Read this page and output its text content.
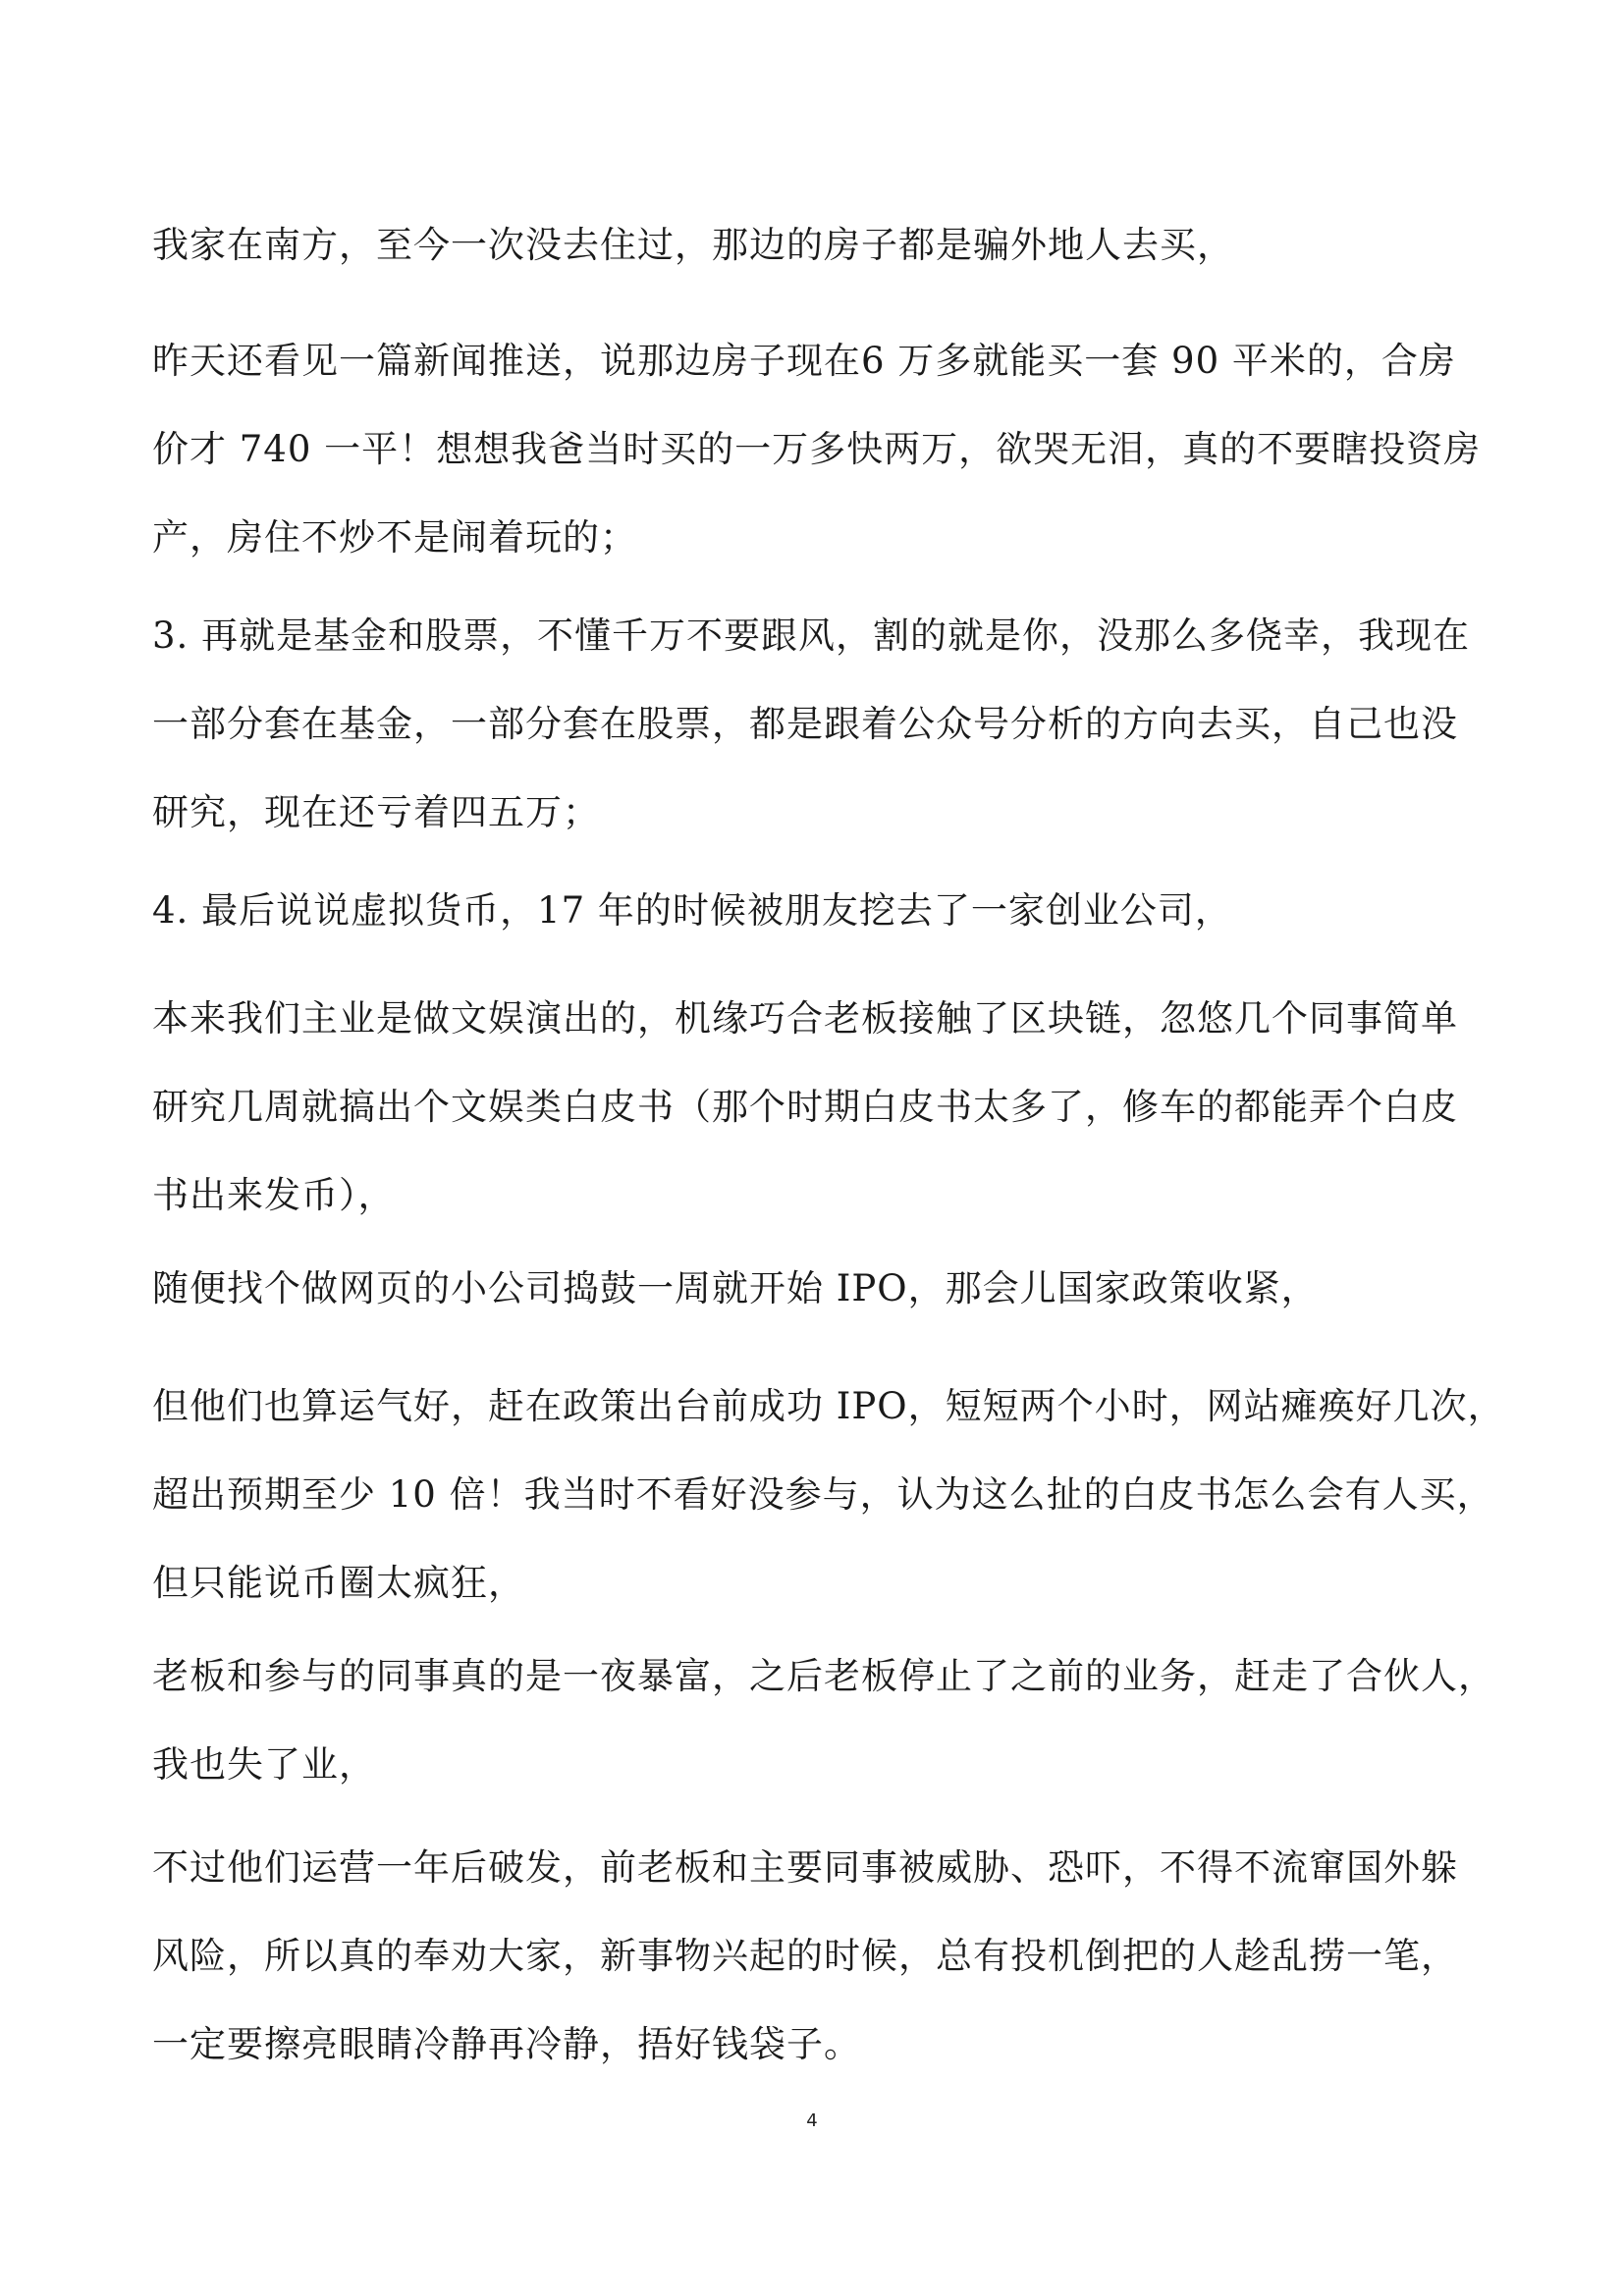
我家在南方，至今一次没去住过，那边的房子都是骗外地人去买，

昨天还看见一篇新闻推送，说那边房子现在6 万多就能买一套 90 平米的，合房
价才 740 一平！想想我爸当时买的一万多快两万，欲哭无泪，真的不要瞎投资房
产，房住不炒不是闹着玩的；

3. 再就是基金和股票，不懂千万不要跟风，割的就是你，没那么多侥幸，我现在
一部分套在基金，一部分套在股票，都是跟着公众号分析的方向去买，自己也没
研究，现在还亏着四五万；

4. 最后说说虚拟货币，17 年的时候被朋友挖去了一家创业公司，

本来我们主业是做文娱演出的，机缘巧合老板接触了区块链，忽悠几个同事简单
研究几周就搞出个文娱类白皮书（那个时期白皮书太多了，修车的都能弄个白皮
书出来发币），

随便找个做网页的小公司捣鼓一周就开始 IPO，那会儿国家政策收紧，

但他们也算运气好，赶在政策出台前成功 IPO，短短两个小时，网站瘫痪好几次，
超出预期至少 10 倍！我当时不看好没参与，认为这么扯的白皮书怎么会有人买，
但只能说币圈太疯狂，

老板和参与的同事真的是一夜暴富，之后老板停止了之前的业务，赶走了合伙人，
我也失了业，

不过他们运营一年后破发，前老板和主要同事被威胁、恐吓，不得不流窜国外躲
风险，所以真的奉劝大家，新事物兴起的时候，总有投机倒把的人趁乱捞一笔，
一定要擦亮眼睛冷静再冷静，捂好钱袋子。

4
